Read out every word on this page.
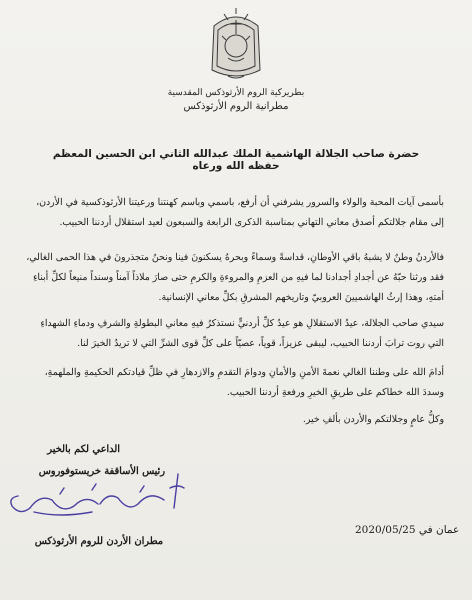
بطريركية الروم الأرثوذكس المقدسية
مطرانية الروم الأرثوذكس
حضرة صاحب الجلالة الهاشمية الملك عبدالله الثاني ابن الحسين المعظم حفظه الله ورعاه
بأسمى آيات المحبة والولاء والسرور يشرفني أن أرفع، باسمي وباسم كهنتنا ورعيتنا الأرثوذكسية في الأردن، إلى مقام جلالتكم أصدق معاني التهاني بمناسبة الذكرى الرابعة والسبعون لعيد استقلال أردننا الحبيب.
فالأردنُ وطنٌ لا يشبهُ باقي الأوطانِ، قداسةً وسماءً وبحرهُ يسكنونَ فينا ونحنُ متجذرونَ في هذا الحمى الغالي، فقد ورثنا حبّهُ عن أجدادِ أجدادنا لما فيهِ من العزمِ والمروءةِ والكرمِ حتى صارَ ملاذاً آمناً وسنداً منيعاً لكلِّ أبناءِ أمتهِ، وهذا إرثُ الهاشميينَ العروبيّ وتاريخهم المشرقِ بكلِّ معاني الإنسانية.
سيدي صاحب الجلالة، عيدُ الاستقلالِ هو عيدُ كلِّ أردنيٍّ نستذكرُ فيهِ معاني البطولةِ والشرفِ ودماءِ الشهداءِ التي روت ترابَ أردننا الحبيب، ليبقى عزيزاً، قوياً، عصيّاً على كلِّ قوى الشرِّ التي لا تريدُ الخيرَ لنا.
أدامَ الله على وطننا الغالي نعمةَ الأمنِ والأمانِ ودوامَ التقدمِ والازدهارِ في ظلِّ قيادتكم الحكيمةِ والملهمةِ، وسددَ الله خطاكم على طريقِ الخيرِ ورفعةِ أردننا الحبيب.
وكلُّ عامٍ وجلالتكم والأردن بألفِ خير.
الداعي لكم بالخير
رئيس الأساقفة خريستوفوروس
مطران الأردن للروم الأرثوذكس
2020/05/25 عمان في
